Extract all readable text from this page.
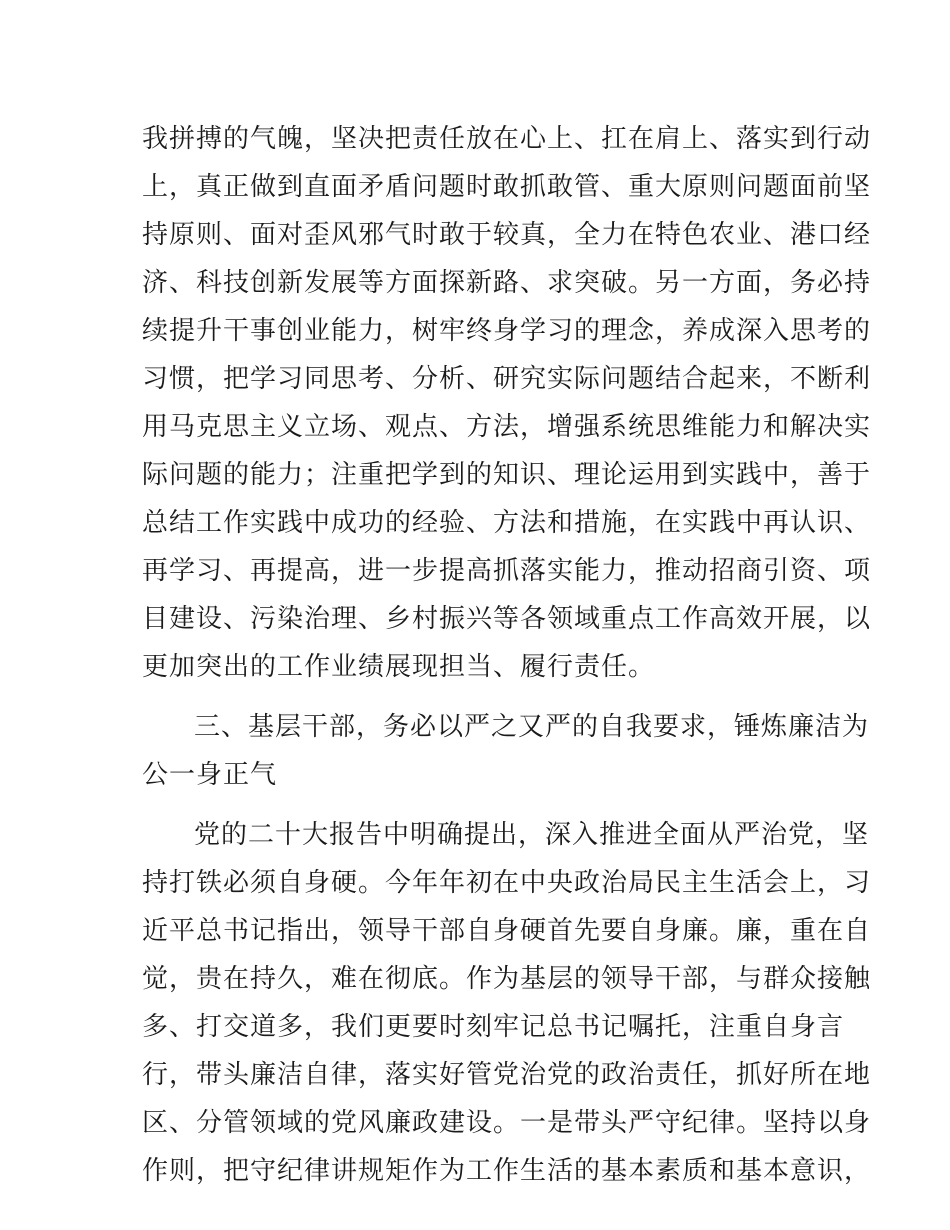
我拼搏的气魄，坚决把责任放在心上、扛在肩上、落实到行动
上，真正做到直面矛盾问题时敢抓敢管、重大原则问题面前坚
持原则、面对歪风邪气时敢于较真，全力在特色农业、港口经
济、科技创新发展等方面探新路、求突破。另一方面，务必持
续提升干事创业能力，树牢终身学习的理念，养成深入思考的
习惯，把学习同思考、分析、研究实际问题结合起来，不断利
用马克思主义立场、观点、方法，增强系统思维能力和解决实
际问题的能力；注重把学到的知识、理论运用到实践中，善于
总结工作实践中成功的经验、方法和措施，在实践中再认识、
再学习、再提高，进一步提高抓落实能力，推动招商引资、项
目建设、污染治理、乡村振兴等各领域重点工作高效开展，以
更加突出的工作业绩展现担当、履行责任。
三、基层干部，务必以严之又严的自我要求，锤炼廉洁为
公一身正气
党的二十大报告中明确提出，深入推进全面从严治党，坚
持打铁必须自身硬。今年年初在中央政治局民主生活会上，习
近平总书记指出，领导干部自身硬首先要自身廉。廉，重在自
觉，贵在持久，难在彻底。作为基层的领导干部，与群众接触
多、打交道多，我们更要时刻牢记总书记嘱托，注重自身言
行，带头廉洁自律，落实好管党治党的政治责任，抓好所在地
区、分管领域的党风廉政建设。一是带头严守纪律。坚持以身
作则，把守纪律讲规矩作为工作生活的基本素质和基本意识，
